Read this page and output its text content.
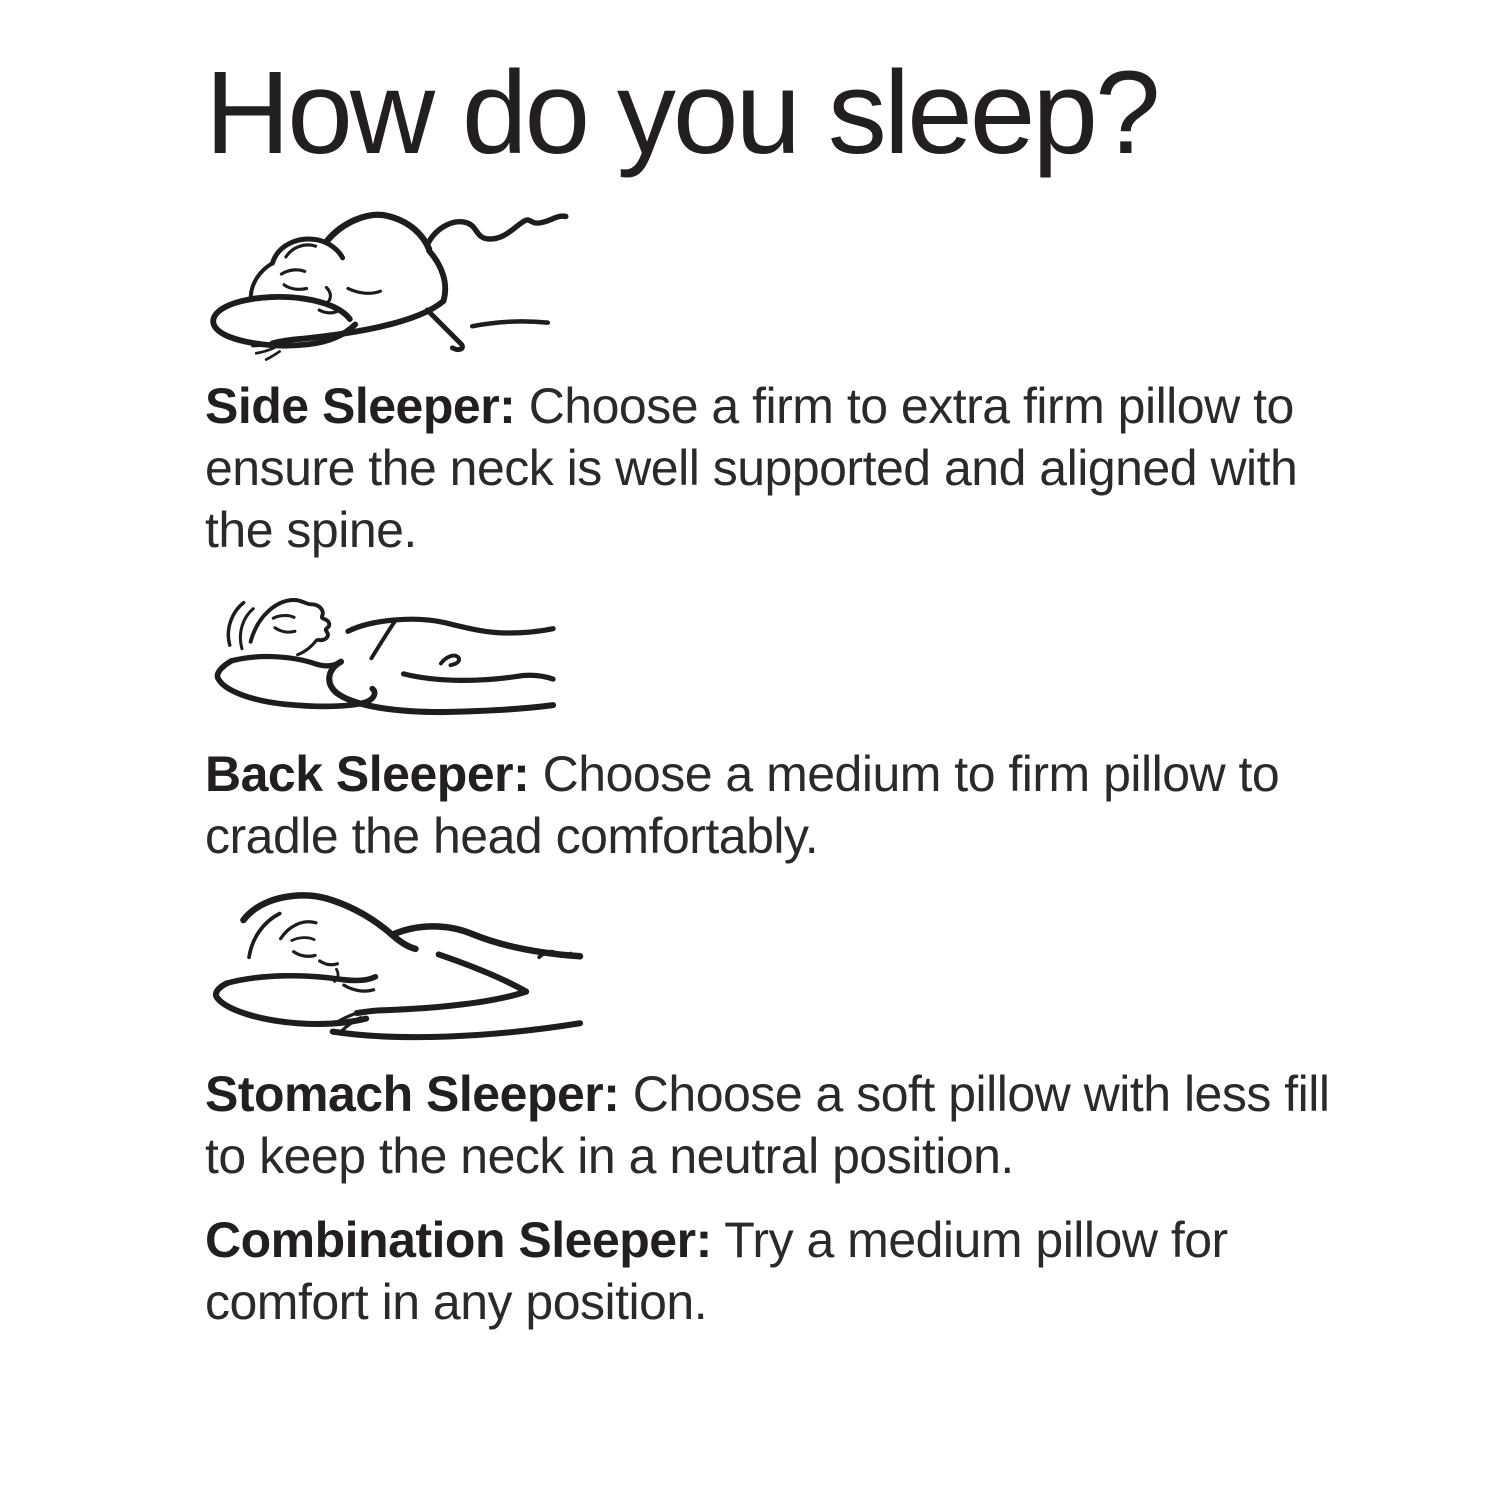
How do you sleep?

Side Sleeper: Choose a firm to extra firm pillow to ensure the neck is well supported and aligned with the spine.

Back Sleeper: Choose a medium to firm pillow to cradle the head comfortably.

Stomach Sleeper: Choose a soft pillow with less fill to keep the neck in a neutral position.

Combination Sleeper: Try a medium pillow for comfort in any position.
